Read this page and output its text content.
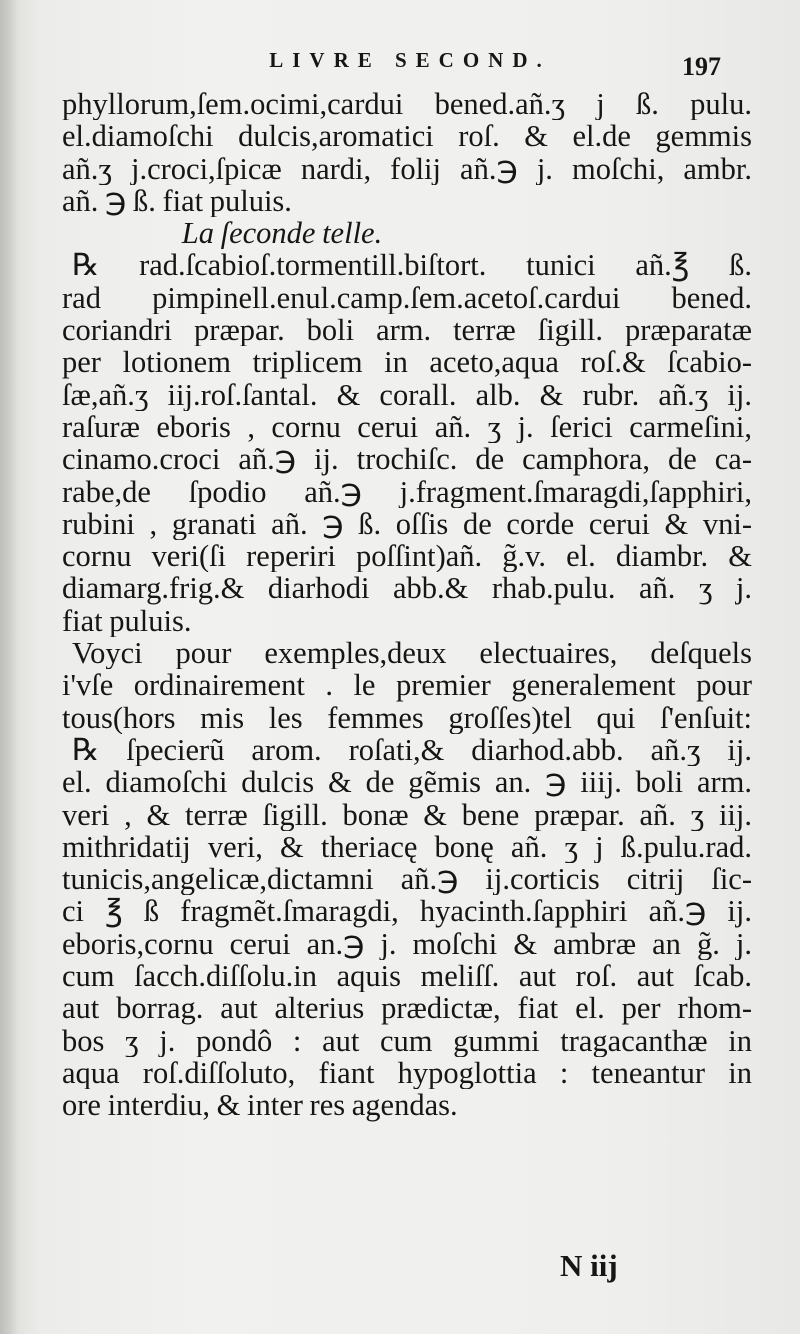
LIVRE SECOND.	197
phyllorum,ſem.ocimi,cardui bened.añ.ʒ j ß. pulu.
el.diamoſchi dulcis,aromatici roſ. & el.de gemmis
añ.ʒ j.croci,ſpicæ nardi, folij añ.℈ j. moſchi, ambr.
añ. ℈ ß. fiat puluis.
La ſeconde telle.
℞ rad.ſcabioſ.tormentill.biſtort. tunici añ.℥ ß.
rad pimpinell.enul.camp.ſem.acetoſ.cardui bened.
coriandri præpar. boli arm. terræ ſigill. præparatæ
per lotionem triplicem in aceto,aqua roſ.& ſcabio-
ſæ,añ.ʒ iij.roſ.ſantal. & corall. alb. & rubr. añ.ʒ ij.
raſuræ eboris , cornu cerui añ. ʒ j. ſerici carmeſini,
cinamo.croci añ.℈ ij. trochiſc. de camphora, de ca-
rabe,de ſpodio añ.℈ j.fragment.ſmaragdi,ſapphiri,
rubini , granati añ. ℈ ß. oſſis de corde cerui & vni-
cornu veri(ſi reperiri poſſint)añ. g̃.v. el. diambr. &
diamarg.frig.& diarhodi abb.& rhab.pulu. añ. ʒ j.
fiat puluis.
Voyci pour exemples,deux electuaires, deſquels
i'vſe ordinairement . le premier generalement pour
tous(hors mis les femmes groſſes)tel qui ſ'enſuit:
℞ ſpecierũ arom. roſati,& diarhod.abb. añ.ʒ ij.
el. diamoſchi dulcis & de gẽmis an. ℈ iiij. boli arm.
veri , & terræ ſigill. bonæ & bene præpar. añ. ʒ iij.
mithridatij veri, & theriacę bonę añ. ʒ j ß.pulu.rad.
tunicis,angelicæ,dictamni añ.℈ ij.corticis citrij ſic-
ci ℥ ß fragmẽt.ſmaragdi, hyacinth.ſapphiri añ.℈ ij.
eboris,cornu cerui an.℈ j. moſchi & ambræ an g̃. j.
cum ſacch.diſſolu.in aquis meliſſ. aut roſ. aut ſcab.
aut borrag. aut alterius prædictæ, fiat el. per rhom-
bos ʒ j. pondô : aut cum gummi tragacanthæ in
aqua roſ.diſſoluto, fiant hypoglottia : teneantur in
ore interdiu, & inter res agendas.
N iij
